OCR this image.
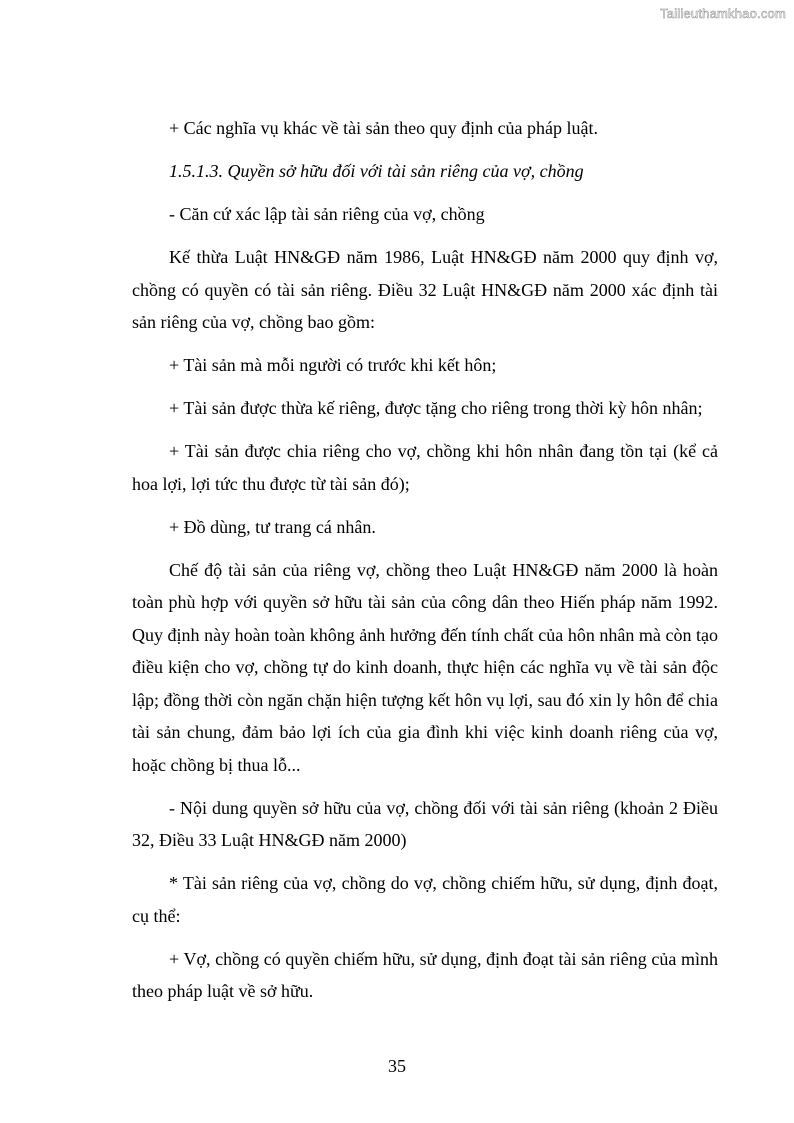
Tailieuthamkhao.com

+ Các nghĩa vụ khác về tài sản theo quy định của pháp luật.

1.5.1.3. Quyền sở hữu đối với tài sản riêng của vợ, chồng

- Căn cứ xác lập tài sản riêng của vợ, chồng

Kế thừa Luật HN&GĐ năm 1986, Luật HN&GĐ năm 2000 quy định vợ, chồng có quyền có tài sản riêng. Điều 32 Luật HN&GĐ năm 2000 xác định tài sản riêng của vợ, chồng bao gồm:

+ Tài sản mà mỗi người có trước khi kết hôn;

+ Tài sản được thừa kế riêng, được tặng cho riêng trong thời kỳ hôn nhân;

+ Tài sản được chia riêng cho vợ, chồng khi hôn nhân đang tồn tại (kể cả hoa lợi, lợi tức thu được từ tài sản đó);

+ Đồ dùng, tư trang cá nhân.

Chế độ tài sản của riêng vợ, chồng theo Luật HN&GĐ năm 2000 là hoàn toàn phù hợp với quyền sở hữu tài sản của công dân theo Hiến pháp năm 1992. Quy định này hoàn toàn không ảnh hưởng đến tính chất của hôn nhân mà còn tạo điều kiện cho vợ, chồng tự do kinh doanh, thực hiện các nghĩa vụ về tài sản độc lập; đồng thời còn ngăn chặn hiện tượng kết hôn vụ lợi, sau đó xin ly hôn để chia tài sản chung, đảm bảo lợi ích của gia đình khi việc kinh doanh riêng của vợ, hoặc chồng bị thua lỗ...

- Nội dung quyền sở hữu của vợ, chồng đối với tài sản riêng (khoản 2 Điều 32, Điều 33 Luật HN&GĐ năm 2000)

* Tài sản riêng của vợ, chồng do vợ, chồng chiếm hữu, sử dụng, định đoạt, cụ thể:

+ Vợ, chồng có quyền chiếm hữu, sử dụng, định đoạt tài sản riêng của mình theo pháp luật về sở hữu.

35
